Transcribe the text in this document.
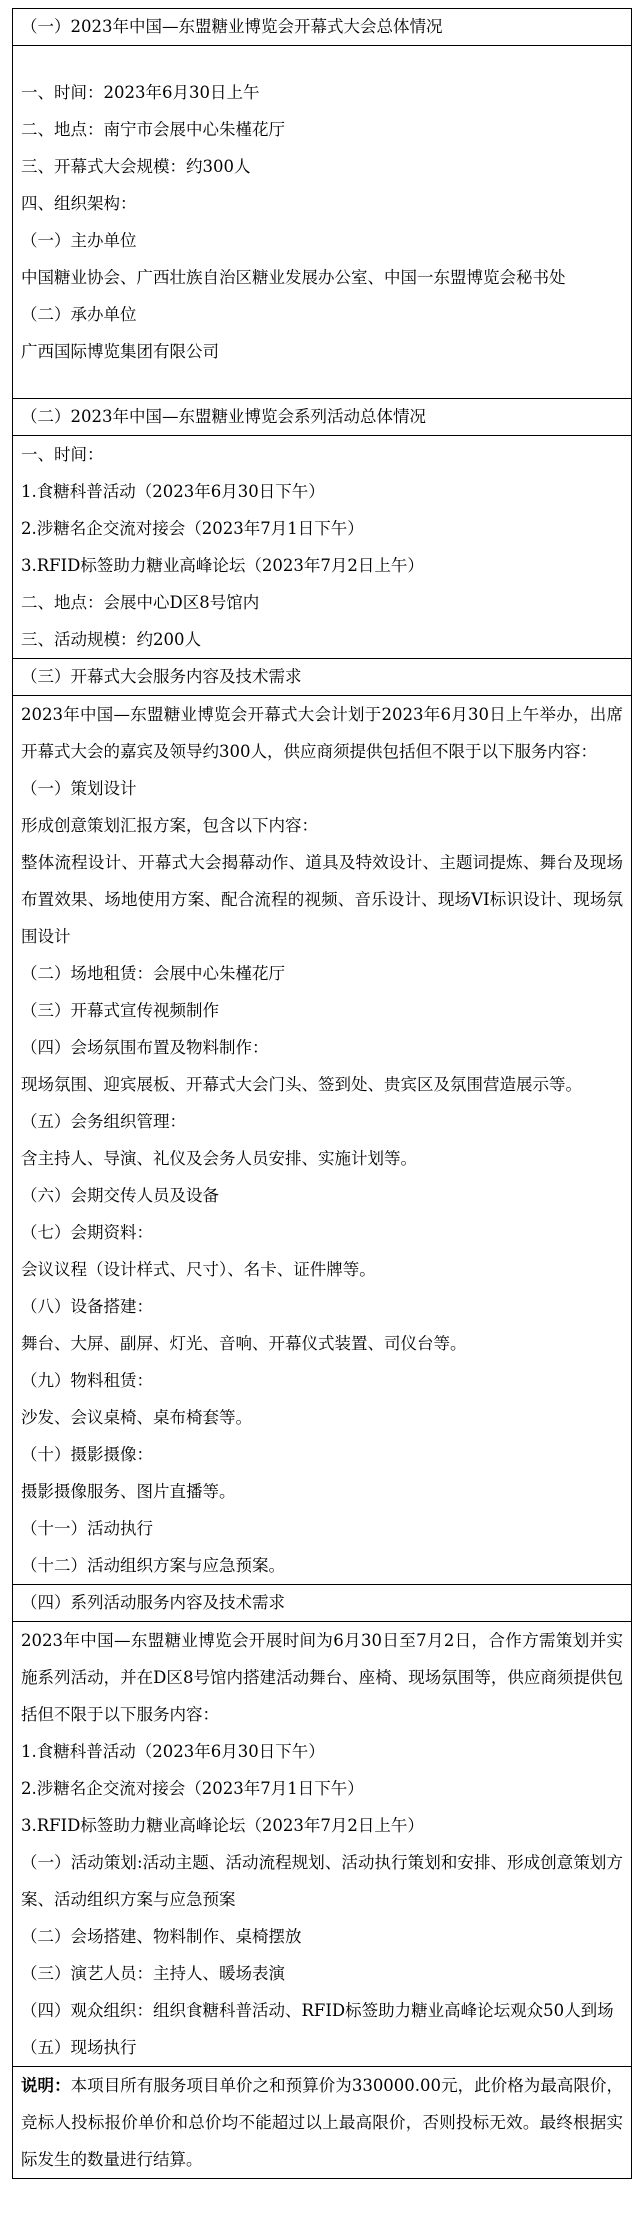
（一）2023年中国—东盟糖业博览会开幕式大会总体情况

一、时间：2023年6月30日上午

二、地点：南宁市会展中心朱槿花厅

三、开幕式大会规模：约300人

四、组织架构：

（一）主办单位

中国糖业协会、广西壮族自治区糖业发展办公室、中国一东盟博览会秘书处

（二）承办单位

广西国际博览集团有限公司

（二）2023年中国—东盟糖业博览会系列活动总体情况

一、时间：

1.食糖科普活动（2023年6月30日下午）

2.涉糖名企交流对接会（2023年7月1日下午）

3.RFID标签助力糖业高峰论坛（2023年7月2日上午）

二、地点：会展中心D区8号馆内

三、活动规模：约200人

（三）开幕式大会服务内容及技术需求

2023年中国—东盟糖业博览会开幕式大会计划于2023年6月30日上午举办，出席开幕式大会的嘉宾及领导约300人，供应商须提供包括但不限于以下服务内容：

（一）策划设计

形成创意策划汇报方案，包含以下内容：

整体流程设计、开幕式大会揭幕动作、道具及特效设计、主题词提炼、舞台及现场布置效果、场地使用方案、配合流程的视频、音乐设计、现场VI标识设计、现场氛围设计

（二）场地租赁：会展中心朱槿花厅

（三）开幕式宣传视频制作

（四）会场氛围布置及物料制作：

现场氛围、迎宾展板、开幕式大会门头、签到处、贵宾区及氛围营造展示等。

（五）会务组织管理：

含主持人、导演、礼仪及会务人员安排、实施计划等。

（六）会期交传人员及设备

（七）会期资料：

会议议程（设计样式、尺寸）、名卡、证件牌等。

（八）设备搭建：

舞台、大屏、副屏、灯光、音响、开幕仪式装置、司仪台等。

（九）物料租赁：

沙发、会议桌椅、桌布椅套等。

（十）摄影摄像：

摄影摄像服务、图片直播等。

（十一）活动执行

（十二）活动组织方案与应急预案。

（四）系列活动服务内容及技术需求

2023年中国—东盟糖业博览会开展时间为6月30日至7月2日，合作方需策划并实施系列活动，并在D区8号馆内搭建活动舞台、座椅、现场氛围等，供应商须提供包括但不限于以下服务内容：

1.食糖科普活动（2023年6月30日下午）

2.涉糖名企交流对接会（2023年7月1日下午）

3.RFID标签助力糖业高峰论坛（2023年7月2日上午）

（一）活动策划:活动主题、活动流程规划、活动执行策划和安排、形成创意策划方案、活动组织方案与应急预案

（二）会场搭建、物料制作、桌椅摆放

（三）演艺人员：主持人、暖场表演

（四）观众组织：组织食糖科普活动、RFID标签助力糖业高峰论坛观众50人到场

（五）现场执行

说明：本项目所有服务项目单价之和预算价为330000.00元，此价格为最高限价，竞标人投标报价单价和总价均不能超过以上最高限价，否则投标无效。最终根据实际发生的数量进行结算。
